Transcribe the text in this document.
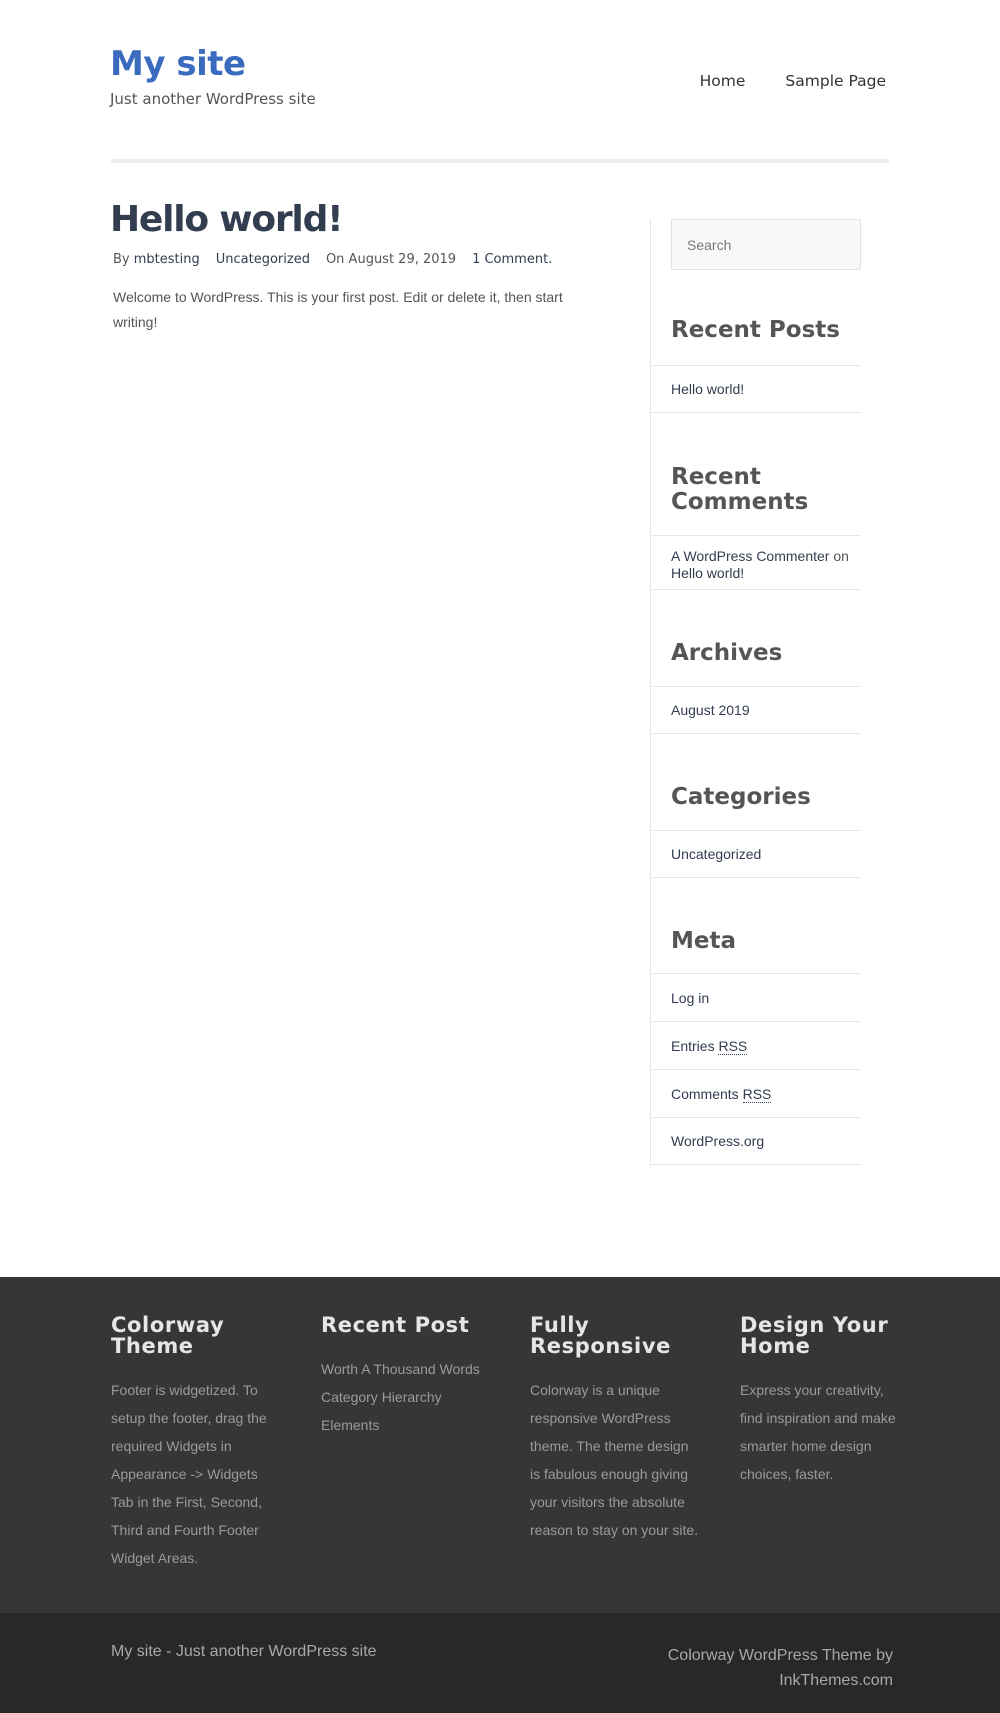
My site
Just another WordPress site
Home	Sample Page
Hello world!
By mbtesting Uncategorized On August 29, 2019 1 Comment.

Welcome to WordPress. This is your first post. Edit or delete it, then start writing!

Search	Recent Posts
Hello world!
Recent Comments
A WordPress Commenter on
Hello world!
Archives
August 2019
Categories
Uncategorized
Meta
Log in
Entries RSS
Comments RSS
WordPress.org
Colorway
Theme

Footer is widgetized. To setup the footer, drag the required Widgets in Appearance -> Widgets Tab in the First, Second, Third and Fourth Footer Widget Areas.

Recent Post
Worth A Thousand Words
Category Hierarchy Elements
Fully
Responsive

Colorway is a unique responsive WordPress theme. The theme design is fabulous enough giving your visitors the absolute reason to stay on your site.

Design Your
Home

Express your creativity, find inspiration and make smarter home design choices, faster.

My site - Just another WordPress site	Colorway WordPress Theme by InkThemes.com
